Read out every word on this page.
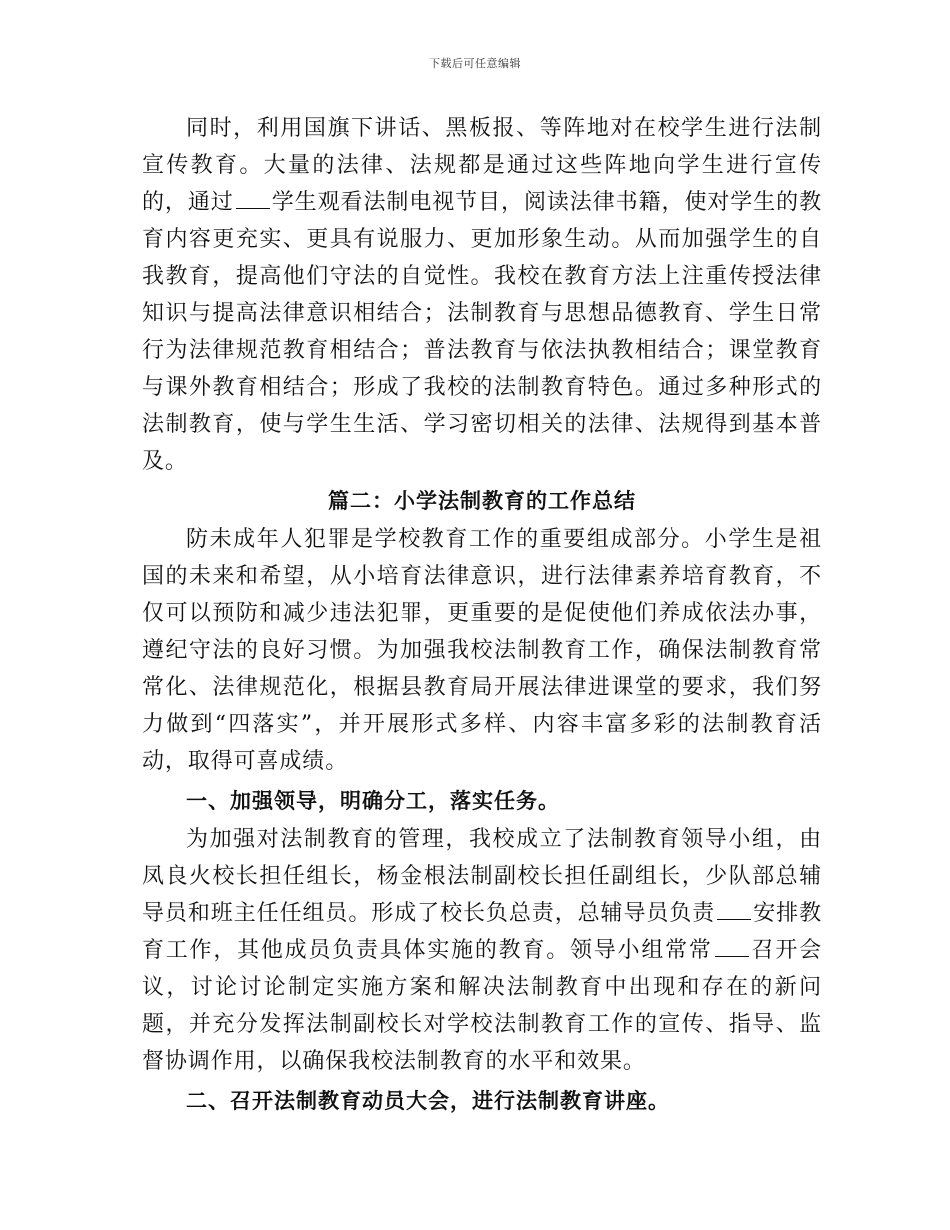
下载后可任意编辑

同时，利用国旗下讲话、黑板报、等阵地对在校学生进行法制宣传教育。大量的法律、法规都是通过这些阵地向学生进行宣传的，通过 学生观看法制电视节目，阅读法律书籍，使对学生的教育内容更充实、更具有说服力、更加形象生动。从而加强学生的自我教育，提高他们守法的自觉性。我校在教育方法上注重传授法律知识与提高法律意识相结合；法制教育与思想品德教育、学生日常行为法律规范教育相结合；普法教育与依法执教相结合；课堂教育与课外教育相结合；形成了我校的法制教育特色。通过多种形式的法制教育，使与学生生活、学习密切相关的法律、法规得到基本普及。

篇二：小学法制教育的工作总结

防未成年人犯罪是学校教育工作的重要组成部分。小学生是祖国的未来和希望，从小培育法律意识，进行法律素养培育教育，不仅可以预防和减少违法犯罪，更重要的是促使他们养成依法办事，遵纪守法的良好习惯。为加强我校法制教育工作，确保法制教育常常化、法律规范化，根据县教育局开展法律进课堂的要求，我们努力做到“四落实”，并开展形式多样、内容丰富多彩的法制教育活动，取得可喜成绩。

一、加强领导，明确分工，落实任务。

为加强对法制教育的管理，我校成立了法制教育领导小组，由凤良火校长担任组长，杨金根法制副校长担任副组长，少队部总辅导员和班主任任组员。形成了校长负总责，总辅导员负责 安排教育工作，其他成员负责具体实施的教育。领导小组常常 召开会议，讨论讨论制定实施方案和解决法制教育中出现和存在的新问题，并充分发挥法制副校长对学校法制教育工作的宣传、指导、监督协调作用，以确保我校法制教育的水平和效果。

二、召开法制教育动员大会，进行法制教育讲座。
